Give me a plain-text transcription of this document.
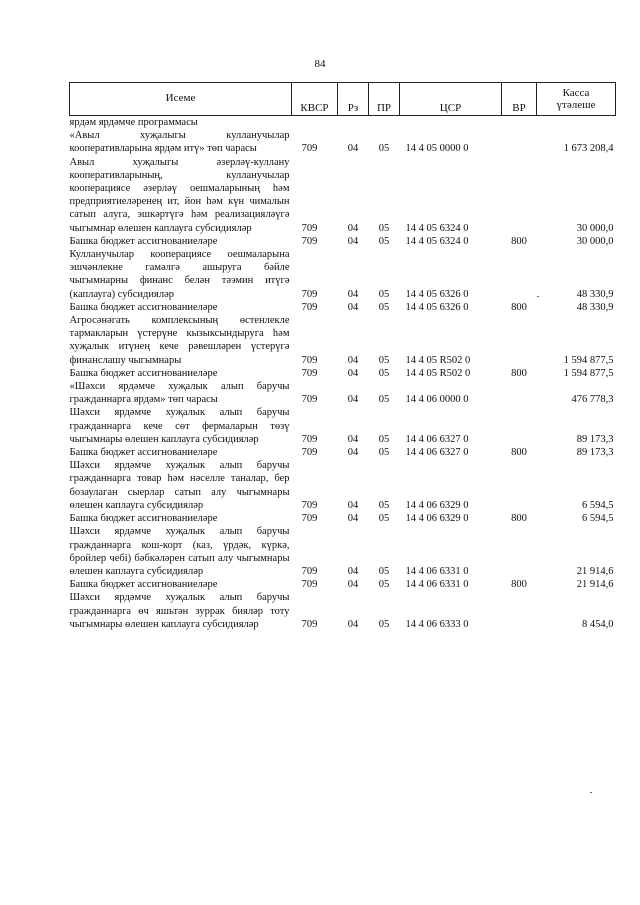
84
Исеме	КВСР	Рз	ПР	ЦСР	ВР	Касса
үтәлеше

ярдәм ярдәмче программасы						
«Авыл хуҗалыгы кулланучылар кооперативларына ярдәм итү» төп чарасы	709	04	05	14 4 05 0000 0		1 673 208,4
Авыл хуҗалыгы әзерләү-куллану кооперативларының, кулланучылар кооперациясе әзерләү оешмаларының һәм предприятиеләренең ит, йон һәм күн чималын сатып алуга, эшкәртүгә һәм реализацияләүгә чыгымнар өлешен каплауга субсидияләр	709	04	05	14 4 05 6324 0		30 000,0
Башка бюджет ассигнованиеләре	709	04	05	14 4 05 6324 0	800	30 000,0
Кулланучылар кооперациясе оешмаларына эшчәнлекне гамәлгә ашыруга бәйле чыгымнарны финанс белән тәэмин итүгә (каплауга) субсидияләр	709	04	05	14 4 05 6326 0		48 330,9
Башка бюджет ассигнованиеләре	709	04	05	14 4 05 6326 0	800	48 330,9
Агросәнәгать комплексының өстенлекле тармакларын үстерүне кызыксындыруга һәм хуҗалык итүнең кече рәвешләрен үстерүгә финанслашу чыгымнары	709	04	05	14 4 05 R502 0		1 594 877,5
Башка бюджет ассигнованиеләре	709	04	05	14 4 05 R502 0	800	1 594 877,5
«Шәхси ярдәмче хуҗалык алып баручы гражданнарга ярдәм» төп чарасы	709	04	05	14 4 06 0000 0		476 778,3
Шәхси ярдәмче хуҗалык алып баручы гражданнарга кече сөт фермаларын төзү чыгымнары өлешен каплауга субсидияләр	709	04	05	14 4 06 6327 0		89 173,3
Башка бюджет ассигнованиеләре	709	04	05	14 4 06 6327 0	800	89 173,3
Шәхси ярдәмче хуҗалык алып баручы гражданнарга товар һәм нәселле таналар, бер бозаулаган сыерлар сатып алу чыгымнары өлешен каплауга субсидияләр	709	04	05	14 4 06 6329 0		6 594,5
Башка бюджет ассигнованиеләре	709	04	05	14 4 06 6329 0	800	6 594,5
Шәхси ярдәмче хуҗалык алып баручы гражданнарга кош-корт (каз, үрдәк, күркә, бройлер чебі) бәбкәләрен сатып алу чыгымнары өлешен каплауга субсидияләр	709	04	05	14 4 06 6331 0		21 914,6
Башка бюджет ассигнованиеләре	709	04	05	14 4 06 6331 0	800	21 914,6
Шәхси ярдәмче хуҗалык алып баручы гражданнарга өч яшьтән зуррак бияләр тоту чыгымнары өлешен каплауга субсидияләр	709	04	05	14 4 06 6333 0		8 454,0
